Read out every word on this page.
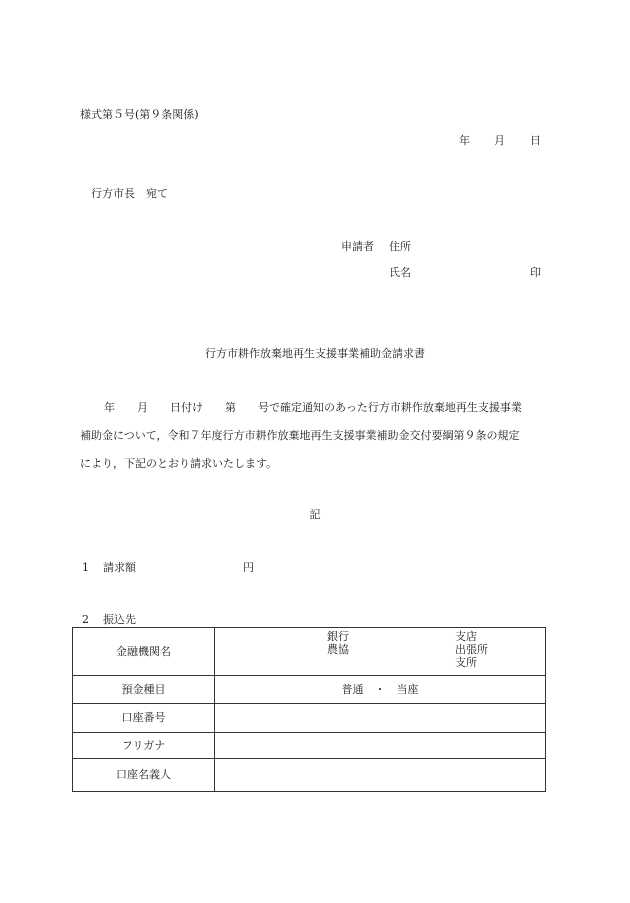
様式第５号(第９条関係)
年 月 日
行方市長　宛て
申請者 住所
氏名	印
行方市耕作放棄地再生支援事業補助金請求書
年　　月　　日付け　　第　　号で確定通知のあった行方市耕作放棄地再生支援事業
補助金について，令和７年度行方市耕作放棄地再生支援事業補助金交付要綱第９条の規定
により，下記のとおり請求いたします。
記
1 請求額	円
2 振込先
金融機関名	銀行
農協
支店
出張所
支所

預金種目	普通　・　当座
口座番号	
フリガナ	
口座名義人	
